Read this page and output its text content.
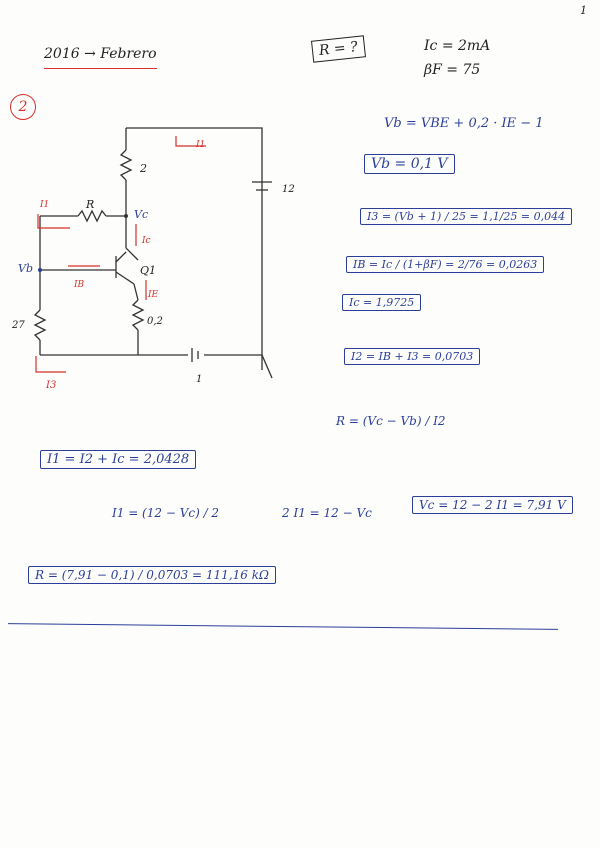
1
2016 → Febrero	R = ?	Ic = 2mA
βF = 75
2
2
R
0,2
27
12
1
Vc
Vb	Q1
I1
I1
Ic
IB
IE
I3
Vb = VBE + 0,2 · IE − 1
Vb = 0,1 V
I3 = (Vb + 1) / 25 = 1,1/25 = 0,044
IB = Ic / (1+βF) = 2/76 = 0,0263
Ic = 1,9725
I2 = IB + I3 = 0,0703
R = (Vc − Vb) / I2
I1 = I2 + Ic = 2,0428
I1 = (12 − Vc) / 2	2 I1 = 12 − Vc
Vc = 12 − 2 I1 = 7,91 V
R = (7,91 − 0,1) / 0,0703 = 111,16 kΩ
